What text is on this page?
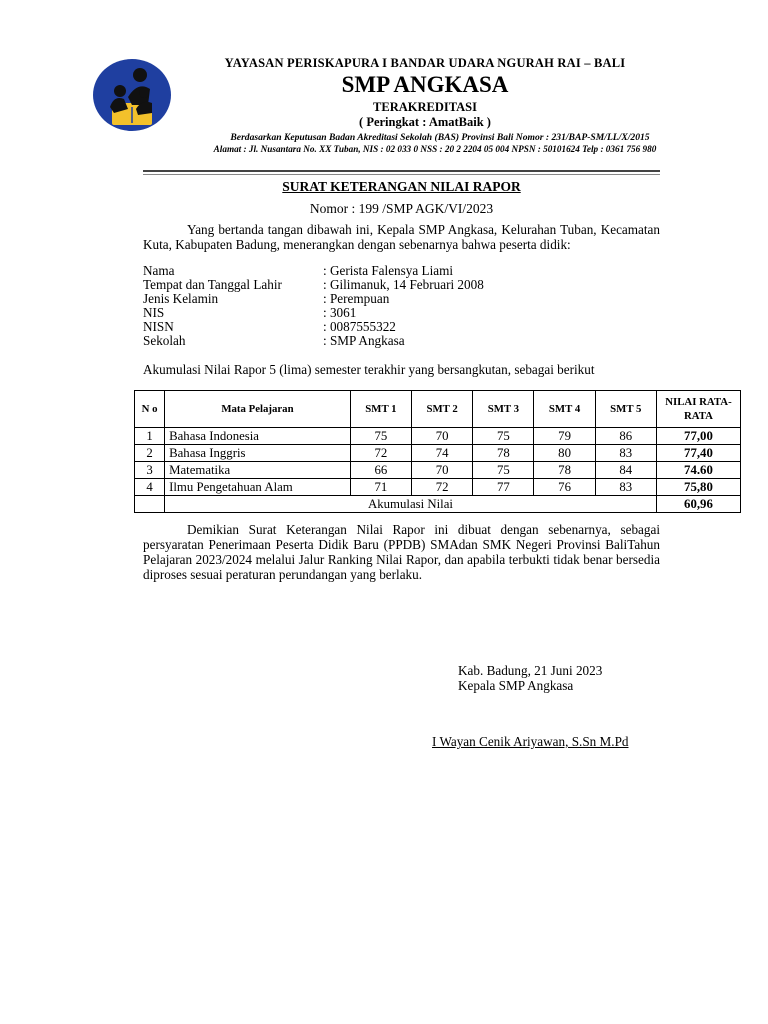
YAYASAN PERISKAPURA I BANDAR UDARA NGURAH RAI – BALI
SMP ANGKASA
TERAKREDITASI
( Peringkat : AmatBaik )
Berdasarkan Keputusan Badan Akreditasi Sekolah (BAS) Provinsi Bali Nomor : 231/BAP-SM/LL/X/2015
Alamat : Jl. Nusantara No. XX Tuban, NIS : 02 033 0 NSS : 20 2 2204 05 004 NPSN : 50101624 Telp : 0361 756 980
SURAT KETERANGAN NILAI RAPOR
Nomor : 199 /SMP AGK/VI/2023

Yang bertanda tangan dibawah ini, Kepala SMP Angkasa, Kelurahan Tuban, Kecamatan Kuta, Kabupaten Badung, menerangkan dengan sebenarnya bahwa peserta didik:

Nama	: Gerista Falensya Liami
Tempat dan Tanggal Lahir	: Gilimanuk, 14 Februari 2008
Jenis Kelamin	: Perempuan
NIS	: 3061
NISN	: 0087555322
Sekolah	: SMP Angkasa
Akumulasi Nilai Rapor 5 (lima) semester terakhir yang bersangkutan, sebagai berikut
N o	Mata Pelajaran	SMT 1	SMT 2	SMT 3	SMT 4	SMT 5	NILAI RATA-RATA
1	Bahasa Indonesia	75	70	75	79	86	77,00
2	Bahasa Inggris	72	74	78	80	83	77,40
3	Matematika	66	70	75	78	84	74.60
4	Ilmu Pengetahuan Alam	71	72	77	76	83	75,80
	Akumulasi Nilai						60,96

Demikian Surat Keterangan Nilai Rapor ini dibuat dengan sebenarnya, sebagai persyaratan Penerimaan Peserta Didik Baru (PPDB) SMAdan SMK Negeri Provinsi BaliTahun Pelajaran 2023/2024 melalui Jalur Ranking Nilai Rapor, dan apabila terbukti tidak benar bersedia diproses sesuai peraturan perundangan yang berlaku.

Kab. Badung, 21 Juni 2023
Kepala SMP Angkasa
I Wayan Cenik Ariyawan, S.Sn M.Pd
